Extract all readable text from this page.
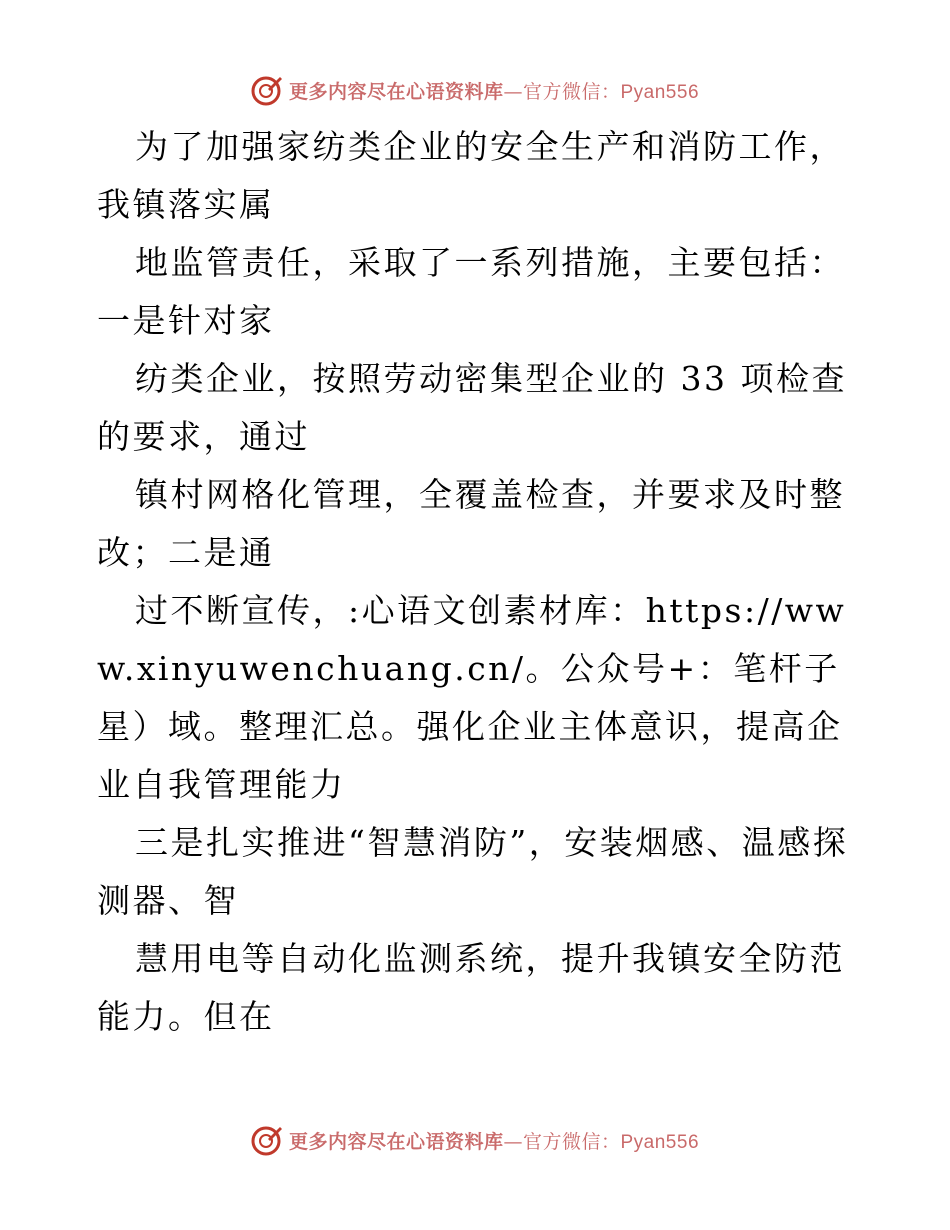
更多内容尽在心语资料库—官方微信：Pyan556

为了加强家纺类企业的安全生产和消防工作，我镇落实属

地监管责任，采取了一系列措施，主要包括：一是针对家

纺类企业，按照劳动密集型企业的 33 项检查的要求，通过

镇村网格化管理，全覆盖检查，并要求及时整改；二是通

过不断宣传，:心语文创素材库：https://www.xinyuwenchuang.cn/。公众号+：笔杆子星）域。整理汇总。强化企业主体意识，提高企业自我管理能力

三是扎实推进“智慧消防”，安装烟感、温感探测器、智

慧用电等自动化监测系统，提升我镇安全防范能力。但在

更多内容尽在心语资料库—官方微信：Pyan556
